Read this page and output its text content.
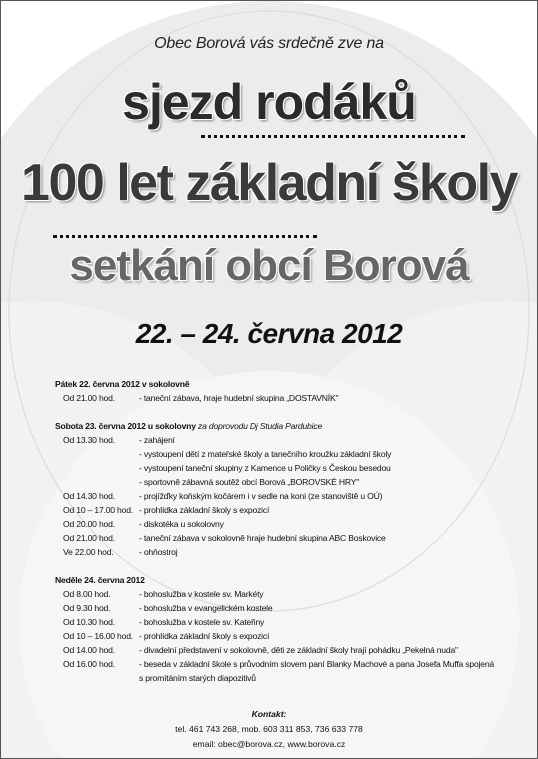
Obec Borová vás srdečně zve na
sjezd rodáků
100 let základní školy
setkání obcí Borová
22. – 24. června 2012
Pátek 22. června 2012 v sokolovně
Od 21.00 hod.	- taneční zábava, hraje hudební skupina „DOSTAVNÍK"
Sobota 23. června 2012 u sokolovny za doprovodu Dj Studia Pardubice
Od 13.30 hod.	- zahájení
- vystoupení dětí z mateřské školy a tanečního kroužku základní školy
- vystoupení taneční skupiny z Kamence u Poličky s Českou besedou
- sportovně zábavná soutěž obcí Borová „BOROVSKÉ HRY"
Od 14.30 hod.	- projížďky koňským kočárem i v sedle na koni (ze stanoviště u OÚ)
Od 10 – 17.00 hod. - prohlídka základní školy s expozicí
Od 20.00 hod.	- diskotéka u sokolovny
Od 21.00 hod.	- taneční zábava v sokolovně hraje hudební skupina ABC Boskovice
Ve 22.00 hod.	- ohňostroj
Neděle 24. června 2012
Od 8.00 hod.	- bohoslužba v kostele sv. Markéty
Od 9.30 hod.	- bohoslužba v evangelickém kostele
Od 10.30 hod.	- bohoslužba v kostele sv. Kateřiny
Od 10 – 16.00 hod. - prohlídka základní školy s expozicí
Od 14.00 hod.	- divadelní představení v sokolovně, děti ze základní školy hrají pohádku „Pekelná nuda"
Od 16.00 hod.	- beseda v základní škole s průvodním slovem paní Blanky Machové a pana Josefa Muffa spojená
s promítáním starých diapozitivů
Kontakt:
tel. 461 743 268, mob. 603 311 853, 736 633 778
email: obec@borova.cz, www.borova.cz
